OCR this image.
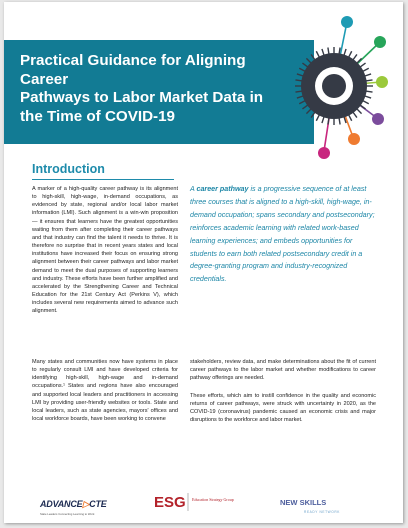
Practical Guidance for Aligning Career
Pathways to Labor Market Data in
the Time of COVID-19
Introduction

A marker of a high-quality career pathway is its alignment to high-skill, high-wage, in-demand occupations, as evidenced by state, regional and/or local labor market information (LMI). Such alignment is a win-win proposition — it ensures that learners have the greatest opportunities waiting from them after completing their career pathways and that industry can find the talent it needs to thrive. It is therefore no surprise that in recent years states and local institutions have increased their focus on ensuring strong alignment between their career pathways and labor market demand to meet the dual purposes of supporting learners and industry. These efforts have been further amplified and accelerated by the Strengthening Career and Technical Education for the 21st Century Act (Perkins V), which includes several new requirements aimed to advance such alignment.

Many states and communities now have systems in place to regularly consult LMI and have developed criteria for identifying high-skill, high-wage and in-demand occupations.¹ States and regions have also encouraged and supported local leaders and practitioners in accessing LMI by providing user-friendly websites or tools. State and local leaders, such as state agencies, mayors' offices and local workforce boards, have been working to convene

A career pathway is a progressive sequence of at least three courses that is aligned to a high-skill, high-wage, in-demand occupation; spans secondary and postsecondary; reinforces academic learning with related work-based learning experiences; and embeds opportunities for students to earn both related postsecondary credit in a degree-granting program and industry-recognized credentials.

stakeholders, review data, and make determinations about the fit of current career pathways to the labor market and whether modifications to career pathway offerings are needed.

These efforts, which aim to instill confidence in the quality and economic returns of career pathways, were struck with uncertainty in 2020, as the COVID-19 (coronavirus) pandemic caused an economic crisis and major disruptions to the workforce and labor market.

ADVANCE▷CTE
State Leaders Connecting Learning to Work
ESG Education Strategy Group	NEW SKILLS
READY NETWORK
